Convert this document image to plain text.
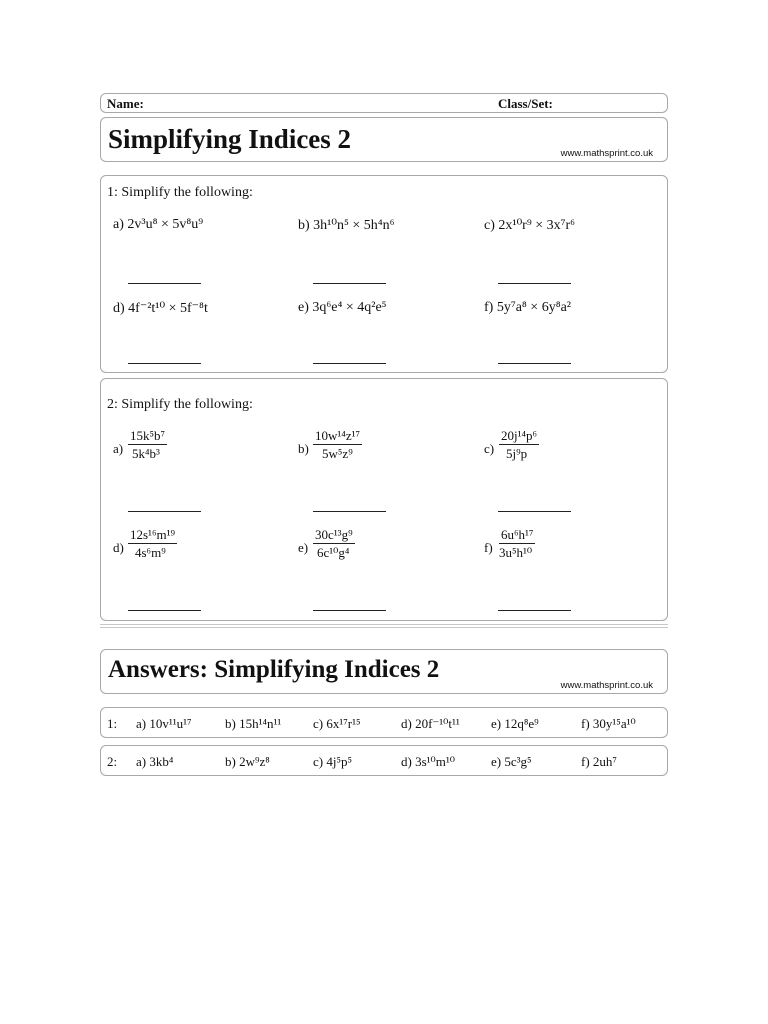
Name:	Class/Set:
Simplifying Indices 2	www.mathsprint.co.uk
1: Simplify the following:
a) 2v³u⁸ × 5v⁸u⁹	b) 3h¹⁰n⁵ × 5h⁴n⁶	c) 2x¹⁰r⁹ × 3x⁷r⁶
d) 4f⁻²t¹⁰ × 5f⁻⁸t	e) 3q⁶e⁴ × 4q²e⁵	f) 5y⁷a⁸ × 6y⁸a²
2: Simplify the following:
a)
15k⁵b⁷
5k⁴b³	b)
10w¹⁴z¹⁷
5w⁵z⁹	c)
20j¹⁴p⁶
5j⁹p
d)
12s¹⁶m¹⁹
4s⁶m⁹	e)
30c¹³g⁹
6c¹⁰g⁴	f)
6u⁶h¹⁷
3u⁵h¹⁰
Answers: Simplifying Indices 2
www.mathsprint.co.uk
1: a) 10v¹¹u¹⁷	b) 15h¹⁴n¹¹ c) 6x¹⁷r¹⁵	d) 20f⁻¹⁰t¹¹ e) 12q⁸e⁹	f) 30y¹⁵a¹⁰
2: a) 3kb⁴	b) 2w⁹z⁸	c) 4j⁵p⁵	d) 3s¹⁰m¹⁰	e) 5c³g⁵	f) 2uh⁷
